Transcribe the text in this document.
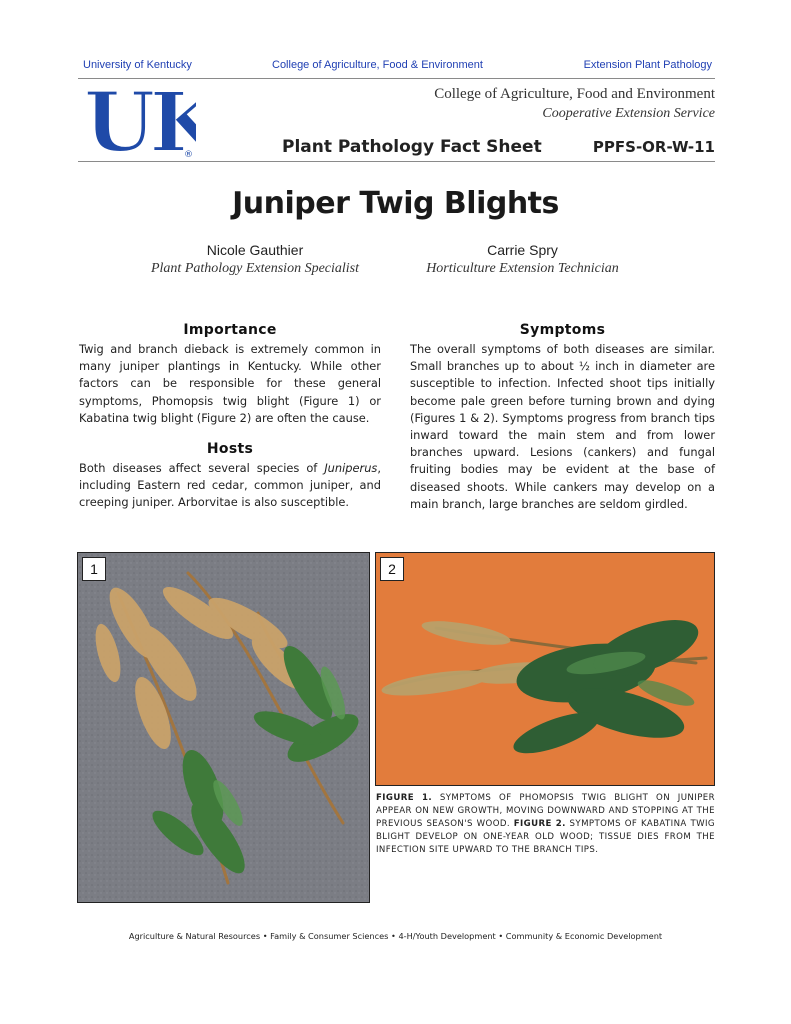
University of Kentucky	College of Agriculture, Food & Environment	Extension Plant Pathology
UK
®
College of Agriculture, Food and Environment
Cooperative Extension Service
Plant Pathology Fact Sheet	PPFS-OR-W-11
Juniper Twig Blights
Nicole Gauthier
Plant Pathology Extension Specialist
Carrie Spry
Horticulture Extension Technician
Importance
Twig and branch dieback is extremely common in many juniper plantings in Kentucky. While other factors can be responsible for these general symptoms, Phomopsis twig blight (Figure 1) or Kabatina twig blight (Figure 2) are often the cause.
Hosts
Both diseases affect several species of Juniperus, including Eastern red cedar, common juniper, and creeping juniper. Arborvitae is also susceptible.
Symptoms
The overall symptoms of both diseases are similar. Small branches up to about ½ inch in diameter are susceptible to infection. Infected shoot tips initially become pale green before turning brown and dying (Figures 1 & 2). Symptoms progress from branch tips inward toward the main stem and from lower branches upward. Lesions (cankers) and fungal fruiting bodies may be evident at the base of diseased shoots. While cankers may develop on a main branch, large branches are seldom girdled.
1	2
FIGURE 1. SYMPTOMS OF PHOMOPSIS TWIG BLIGHT ON JUNIPER APPEAR ON NEW GROWTH, MOVING DOWNWARD AND STOPPING AT THE PREVIOUS SEASON'S WOOD. FIGURE 2. SYMPTOMS OF KABATINA TWIG BLIGHT DEVELOP ON ONE-YEAR OLD WOOD; TISSUE DIES FROM THE INFECTION SITE UPWARD TO THE BRANCH TIPS.
Agriculture & Natural Resources • Family & Consumer Sciences • 4-H/Youth Development • Community & Economic Development
